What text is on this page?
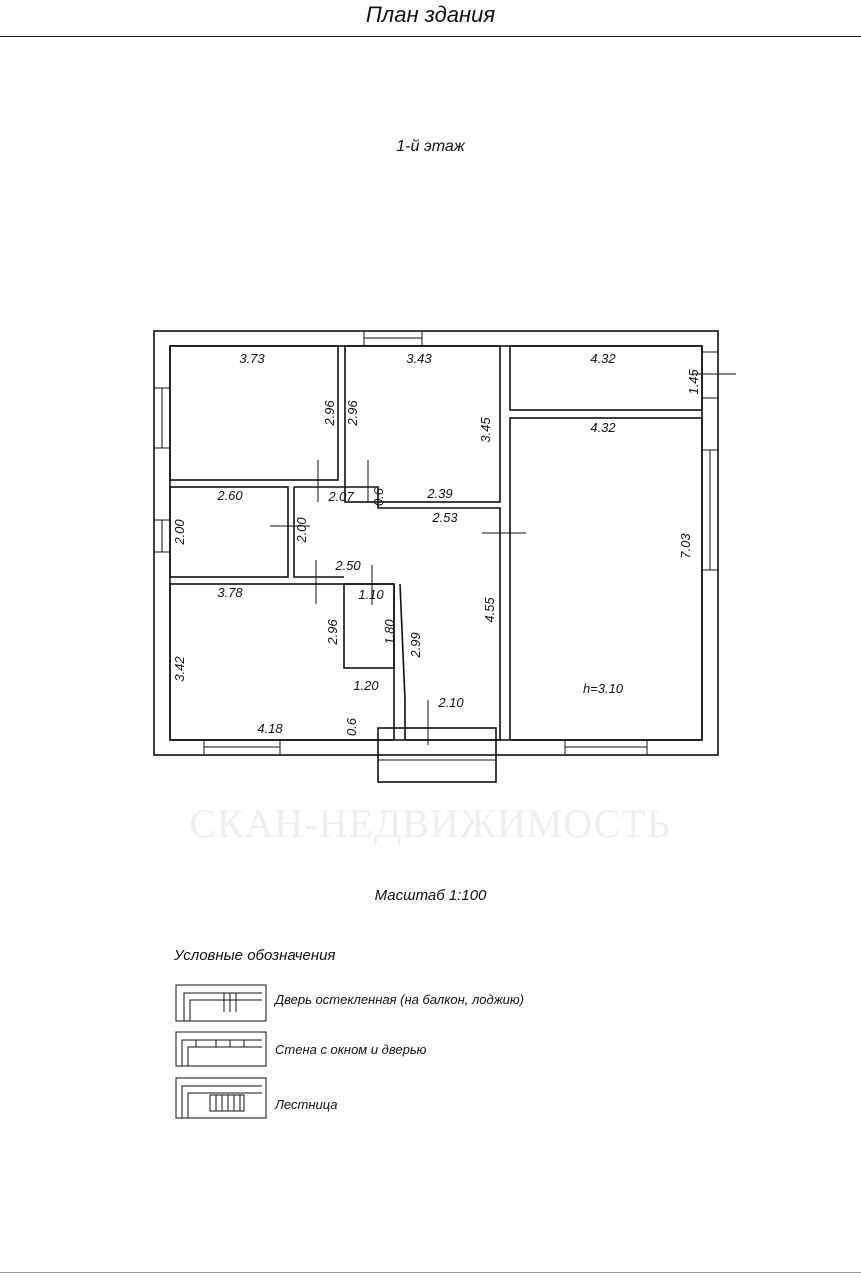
План здания
1-й этаж
СКАН-НЕДВИЖИМОСТЬ
3.73
2.96
3.43
2.96
3.45
4.32
1.45
4.32
7.03
h=3.10
2.60
2.00	2.00
2.07 0.6	2.39
2.53
2.50
4.55
1.10
1.80
1.20
3.78
3.42
2.96
4.18	0.6
2.99
2.10
Масштаб 1:100
Условные обозначения
Дверь остекленная (на балкон, лоджию)
Стена с окном и дверью
Лестница
